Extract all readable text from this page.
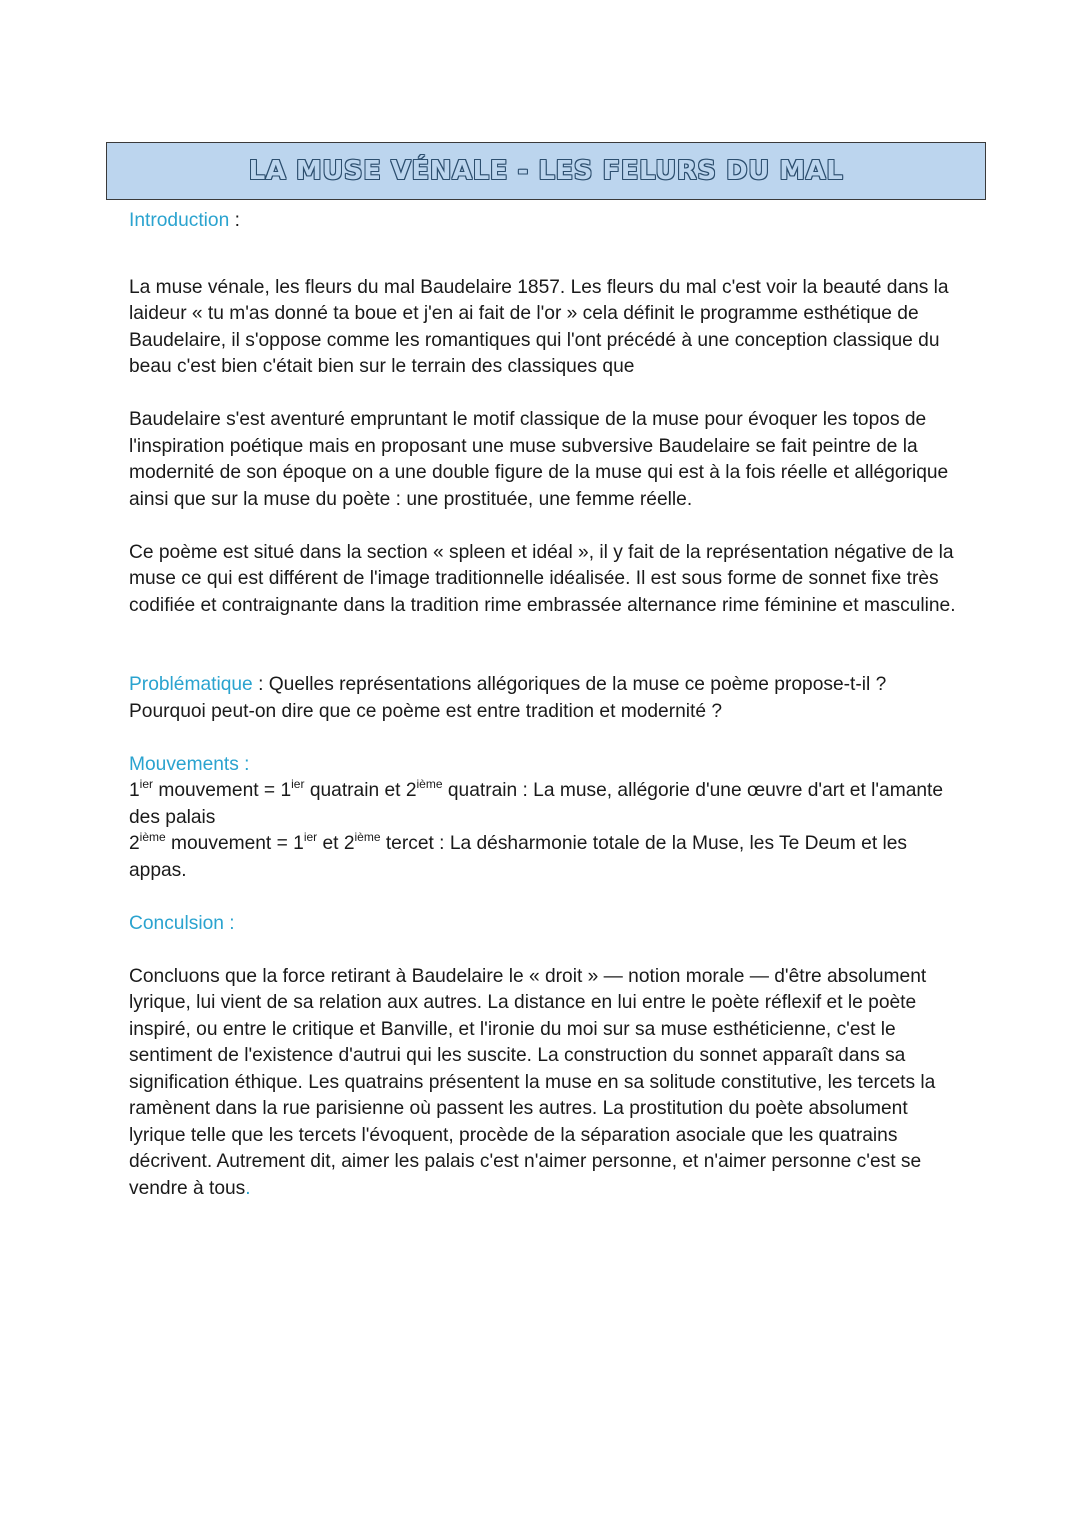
LA MUSE VÉNALE - LES FELURS DU MAL

Introduction :

La muse vénale, les fleurs du mal Baudelaire 1857. Les fleurs du mal c'est voir la beauté dans la laideur « tu m'as donné ta boue et j'en ai fait de l'or » cela définit le programme esthétique de Baudelaire, il s'oppose comme les romantiques qui l'ont précédé à une conception classique du beau c'est bien c'était bien sur le terrain des classiques que

Baudelaire s'est aventuré empruntant le motif classique de la muse pour évoquer les topos de l'inspiration poétique mais en proposant une muse subversive Baudelaire se fait peintre de la modernité de son époque on a une double figure de la muse qui est à la fois réelle et allégorique ainsi que sur la muse du poète : une prostituée, une femme réelle.

Ce poème est situé dans la section « spleen et idéal », il y fait de la représentation négative de la muse ce qui est différent de l'image traditionnelle idéalisée. Il est sous forme de sonnet fixe très codifiée et contraignante dans la tradition rime embrassée alternance rime féminine et masculine.

Problématique : Quelles représentations allégoriques de la muse ce poème propose-t-il ? Pourquoi peut-on dire que ce poème est entre tradition et modernité ?

Mouvements :

$1^{ier}$ mouvement = $1^{ier}$ quatrain et 2ième quatrain : La muse, allégorie d'une œuvre d'art et l'amante des palais

2ième mouvement = $1^{ier}$ et 2ième tercet : La désharmonie totale de la Muse, les Te Deum et les appas.

Conculsion :

Concluons que la force retirant à Baudelaire le « droit » — notion morale — d'être absolument lyrique, lui vient de sa relation aux autres. La distance en lui entre le poète réflexif et le poète inspiré, ou entre le critique et Banville, et l'ironie du moi sur sa muse esthéticienne, c'est le sentiment de l'existence d'autrui qui les suscite. La construction du sonnet apparaît dans sa signification éthique. Les quatrains présentent la muse en sa solitude constitutive, les tercets la ramènent dans la rue parisienne où passent les autres. La prostitution du poète absolument lyrique telle que les tercets l'évoquent, procède de la séparation asociale que les quatrains décrivent. Autrement dit, aimer les palais c'est n'aimer personne, et n'aimer personne c'est se vendre à tous.
